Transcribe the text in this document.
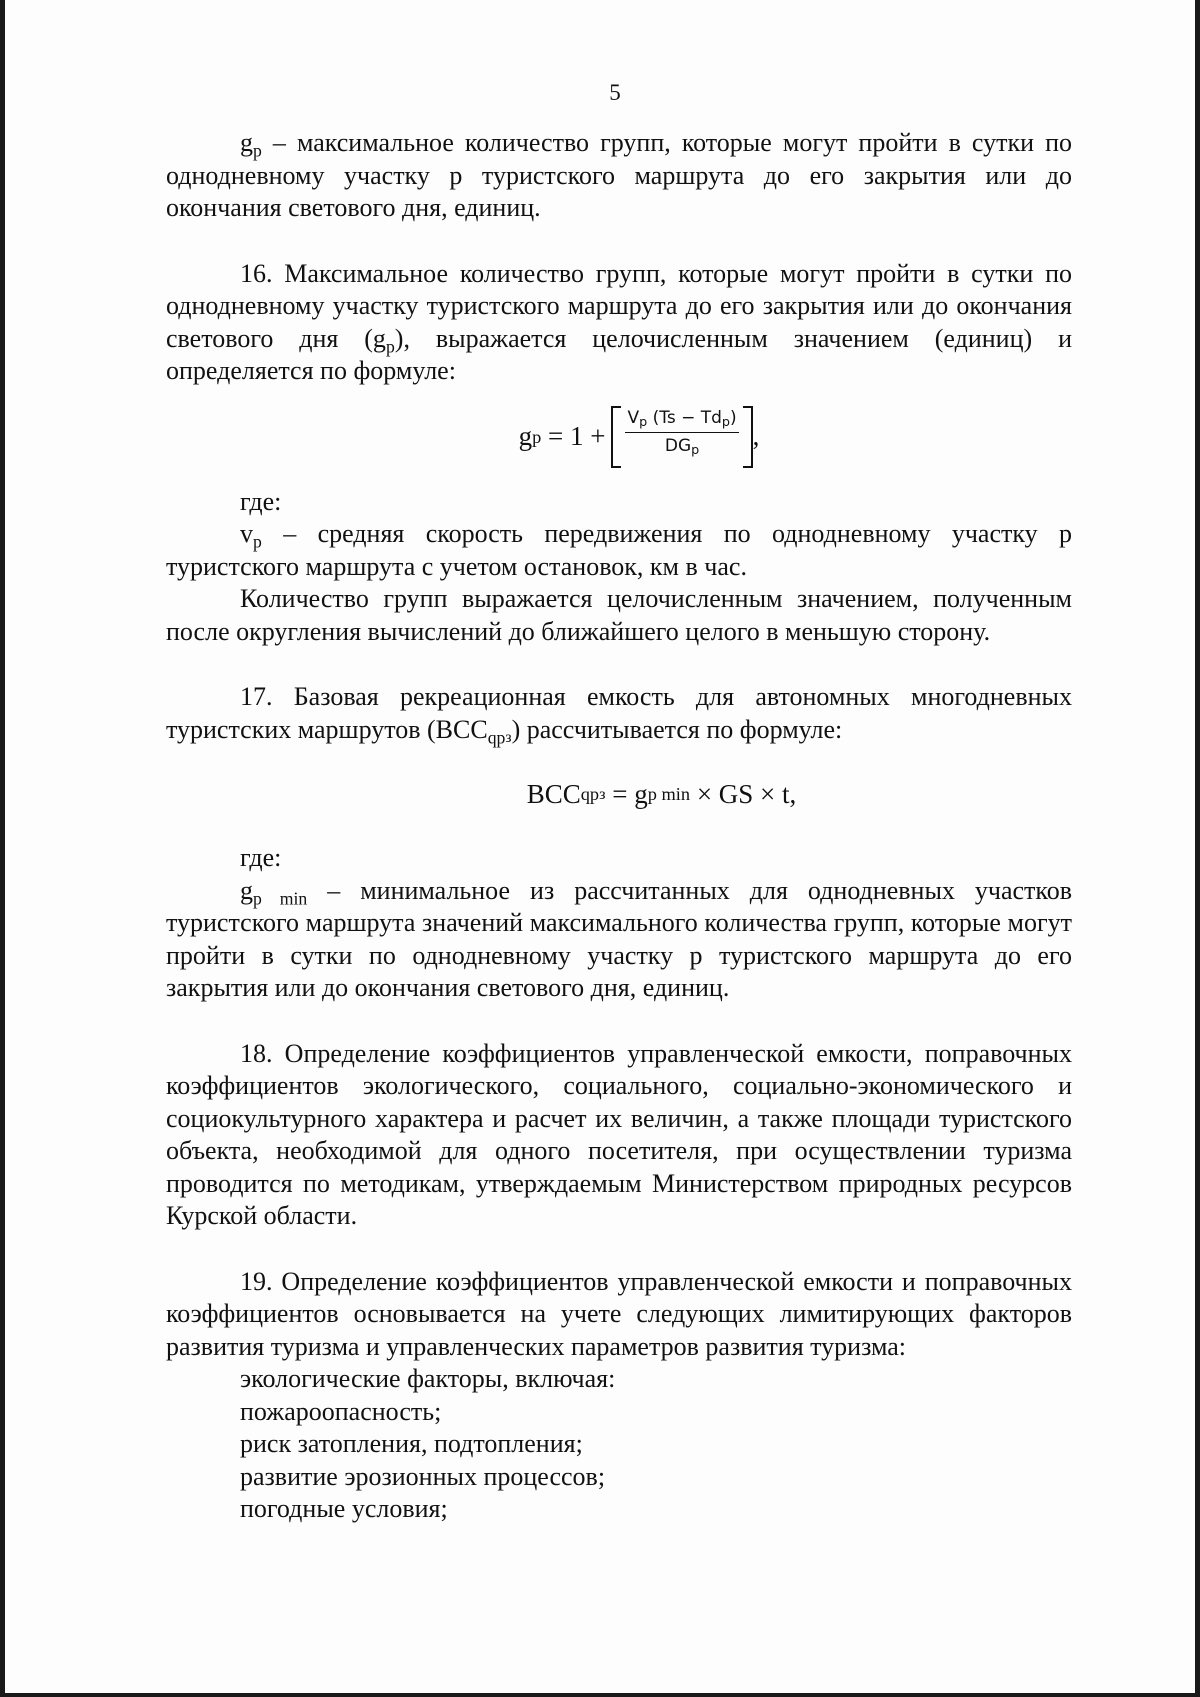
5

$g_p$ – максимальное количество групп, которые могут пройти в сутки по однодневному участку р туристского маршрута до его закрытия или до окончания светового дня, единиц.

16. Максимальное количество групп, которые могут пройти в сутки по однодневному участку туристского маршрута до его закрытия или до окончания светового дня $(g_p)$, выражается целочисленным значением (единиц) и определяется по формуле:

g $p = 1 + \frac{\text{Vp (Ts − Tdp)}}{\text{DGp}}$ ,

где:

$v_p$ – средняя скорость передвижения по однодневному участку р туристского маршрута с учетом остановок, км в час.

Количество групп выражается целочисленным значением, полученным после округления вычислений до ближайшего целого в меньшую сторону.

17. Базовая рекреационная емкость для автономных многодневных туристских маршрутов $(BCC_{qp}з)$ рассчитывается по формуле:

BCC qp з = g p min × GS × t,

где:

$g_{p min}$ – минимальное из рассчитанных для однодневных участков туристского маршрута значений максимального количества групп, которые могут пройти в сутки по однодневному участку р туристского маршрута до его закрытия или до окончания светового дня, единиц.

18. Определение коэффициентов управленческой емкости, поправочных коэффициентов экологического, социального, социально-экономического и социокультурного характера и расчет их величин, а также площади туристского объекта, необходимой для одного посетителя, при осуществлении туризма проводится по методикам, утверждаемым Министерством природных ресурсов Курской области.

19. Определение коэффициентов управленческой емкости и поправочных коэффициентов основывается на учете следующих лимитирующих факторов развития туризма и управленческих параметров развития туризма:

экологические факторы, включая:

пожароопасность;

риск затопления, подтопления;

развитие эрозионных процессов;

погодные условия;
